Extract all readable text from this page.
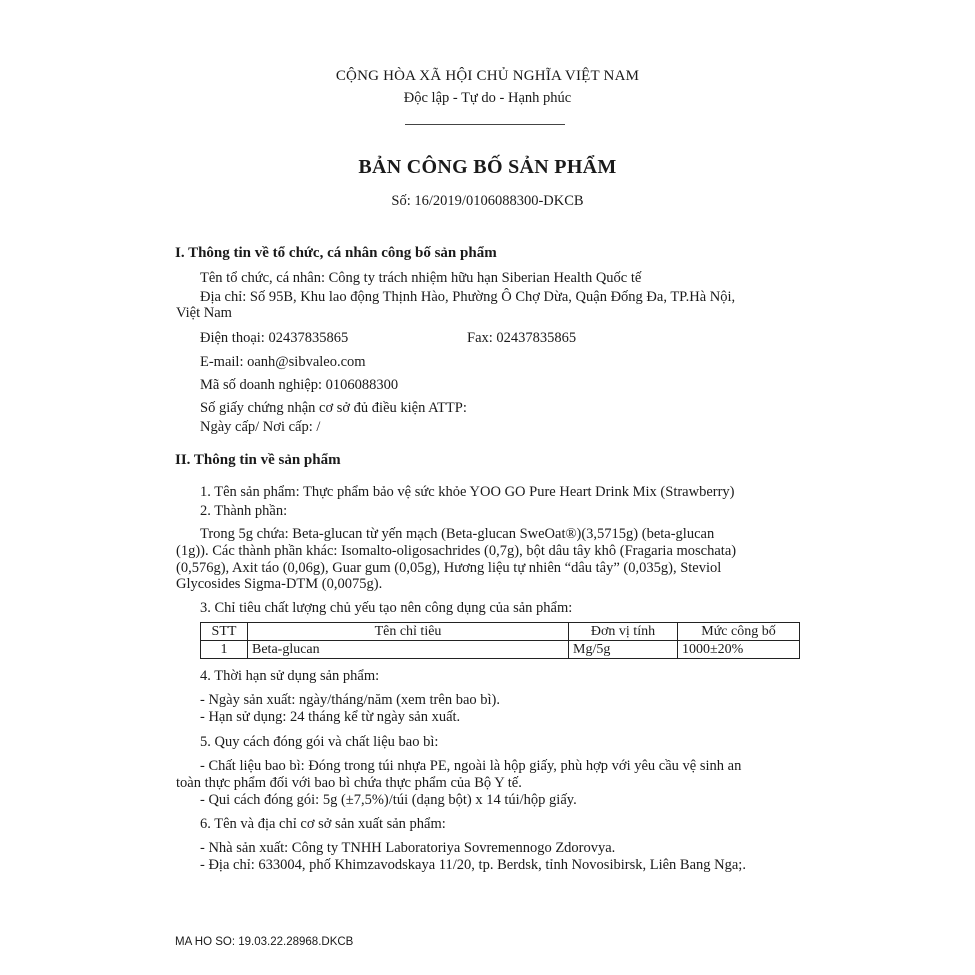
CỘNG HÒA XÃ HỘI CHỦ NGHĨA VIỆT NAM
Độc lập - Tự do - Hạnh phúc
BẢN CÔNG BỐ SẢN PHẨM
Số: 16/2019/0106088300-DKCB
I. Thông tin về tổ chức, cá nhân công bố sản phẩm
Tên tổ chức, cá nhân: Công ty trách nhiệm hữu hạn Siberian Health Quốc tế
Địa chỉ: Số 95B, Khu lao động Thịnh Hào, Phường Ô Chợ Dừa, Quận Đống Đa, TP.Hà Nội,
Việt Nam
Điện thoại: 02437835865	Fax: 02437835865
E-mail: oanh@sibvaleo.com
Mã số doanh nghiệp: 0106088300
Số giấy chứng nhận cơ sở đủ điều kiện ATTP:
Ngày cấp/ Nơi cấp: /
II. Thông tin về sản phẩm
1. Tên sản phẩm: Thực phẩm bảo vệ sức khỏe YOO GO Pure Heart Drink Mix (Strawberry)
2. Thành phần:
Trong 5g chứa: Beta-glucan từ yến mạch (Beta-glucan SweOat®)(3,5715g) (beta-glucan
(1g)). Các thành phần khác: Isomalto-oligosachrides (0,7g), bột dâu tây khô (Fragaria moschata)
(0,576g), Axit táo (0,06g), Guar gum (0,05g), Hương liệu tự nhiên “dâu tây” (0,035g), Steviol
Glycosides Sigma-DTM (0,0075g).
3. Chỉ tiêu chất lượng chủ yếu tạo nên công dụng của sản phẩm:
STT	Tên chỉ tiêu	Đơn vị tính	Mức công bố
1	Beta-glucan	Mg/5g	1000±20%
4. Thời hạn sử dụng sản phẩm:
- Ngày sản xuất: ngày/tháng/năm (xem trên bao bì).
- Hạn sử dụng: 24 tháng kể từ ngày sản xuất.
5. Quy cách đóng gói và chất liệu bao bì:
- Chất liệu bao bì: Đóng trong túi nhựa PE, ngoài là hộp giấy, phù hợp với yêu cầu vệ sinh an
toàn thực phẩm đối với bao bì chứa thực phẩm của Bộ Y tế.
- Qui cách đóng gói: 5g (±7,5%)/túi (dạng bột) x 14 túi/hộp giấy.
6. Tên và địa chỉ cơ sở sản xuất sản phẩm:
- Nhà sản xuất: Công ty TNHH Laboratoriya Sovremennogo Zdorovya.
- Địa chỉ: 633004, phố Khimzavodskaya 11/20, tp. Berdsk, tỉnh Novosibirsk, Liên Bang Nga;.
MA HO SO: 19.03.22.28968.DKCB
